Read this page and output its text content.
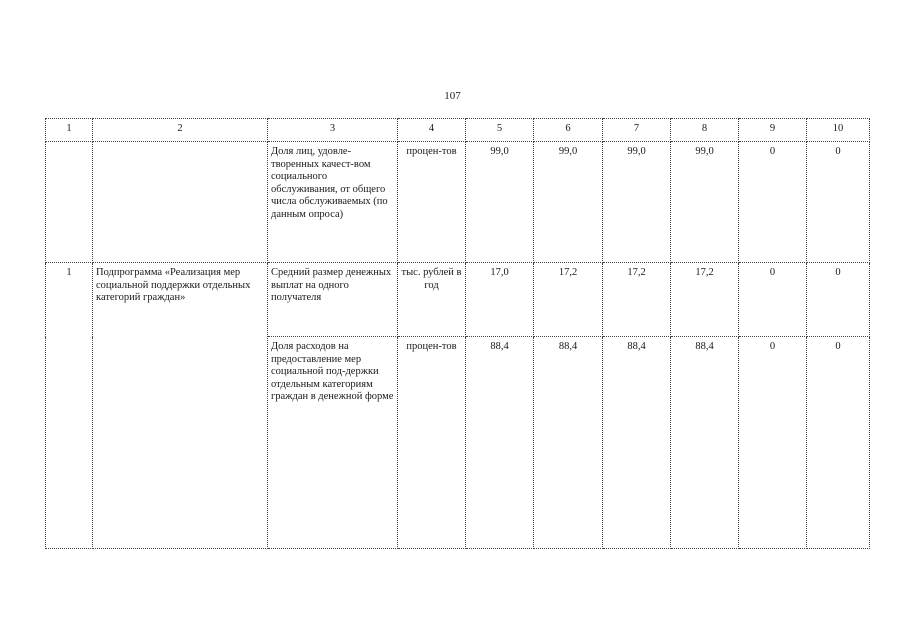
107
1	2	3	4	5	6	7	8	9	10
		Доля лиц, удовле-творенных качест-вом социального обслуживания, от общего числа обслуживаемых (по данным опроса)	процен-тов	99,0	99,0	99,0	99,0	0	0
1	Подпрограмма «Реализация мер социальной поддержки отдельных категорий граждан»	Средний размер денежных выплат на одного получателя	тыс. рублей в год	17,0	17,2	17,2	17,2	0	0
		Доля расходов на предоставление мер социальной под-держки отдельным категориям граждан в денежной форме	процен-тов	88,4	88,4	88,4	88,4	0	0
